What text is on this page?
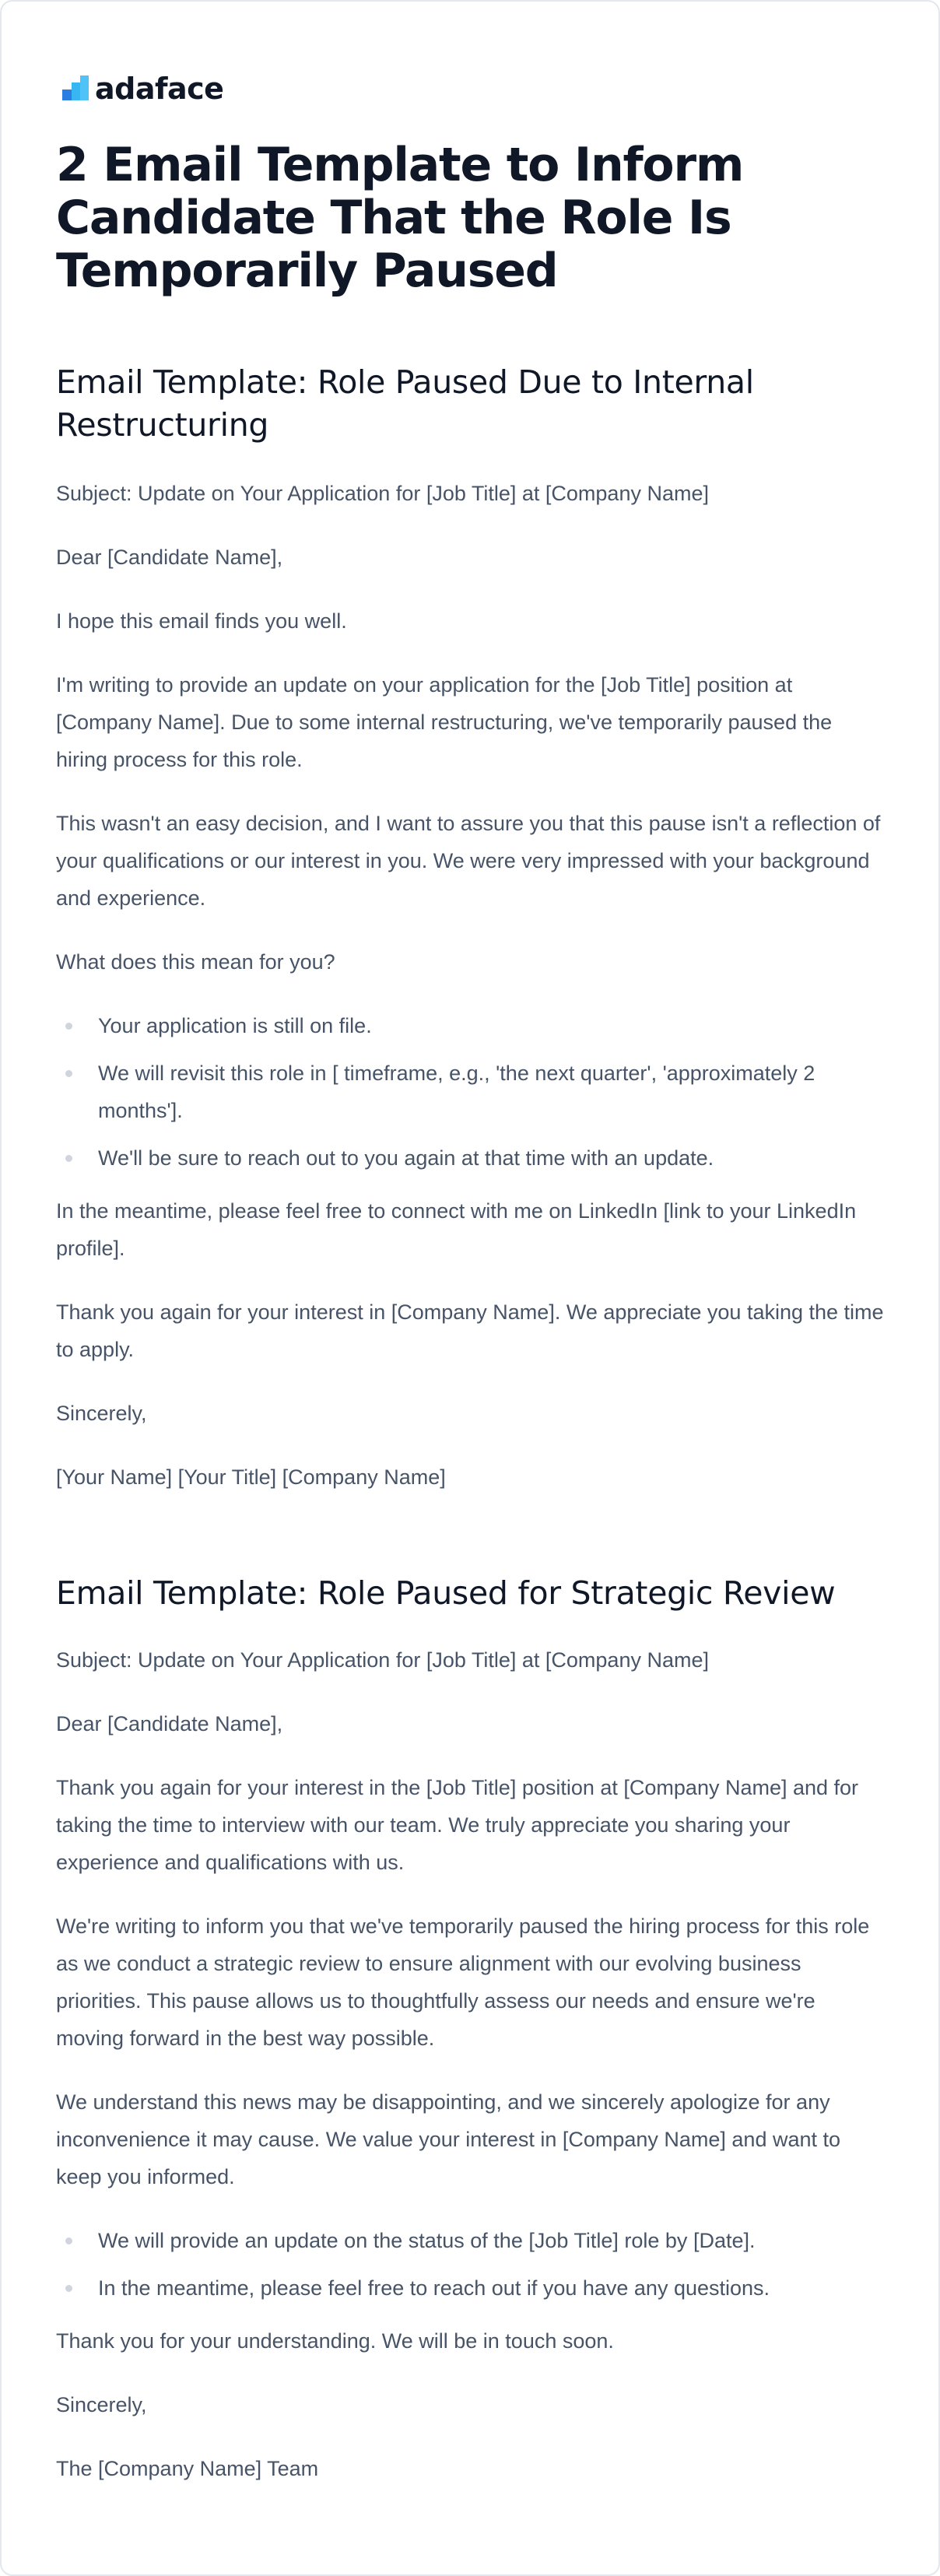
adaface
2 Email Template to Inform Candidate That the Role Is Temporarily Paused
Email Template: Role Paused Due to Internal Restructuring

Subject: Update on Your Application for [Job Title] at [Company Name]

Dear [Candidate Name],

I hope this email finds you well.

I'm writing to provide an update on your application for the [Job Title] position at [Company Name]. Due to some internal restructuring, we've temporarily paused the hiring process for this role.

This wasn't an easy decision, and I want to assure you that this pause isn't a reflection of your qualifications or our interest in you. We were very impressed with your background and experience.

What does this mean for you?

Your application is still on file.
We will revisit this role in [ timeframe, e.g., 'the next quarter', 'approximately 2 months'].
We'll be sure to reach out to you again at that time with an update.

In the meantime, please feel free to connect with me on LinkedIn [link to your LinkedIn profile].

Thank you again for your interest in [Company Name]. We appreciate you taking the time to apply.

Sincerely,

[Your Name] [Your Title] [Company Name]

Email Template: Role Paused for Strategic Review

Subject: Update on Your Application for [Job Title] at [Company Name]

Dear [Candidate Name],

Thank you again for your interest in the [Job Title] position at [Company Name] and for taking the time to interview with our team. We truly appreciate you sharing your experience and qualifications with us.

We're writing to inform you that we've temporarily paused the hiring process for this role as we conduct a strategic review to ensure alignment with our evolving business priorities. This pause allows us to thoughtfully assess our needs and ensure we're moving forward in the best way possible.

We understand this news may be disappointing, and we sincerely apologize for any inconvenience it may cause. We value your interest in [Company Name] and want to keep you informed.

We will provide an update on the status of the [Job Title] role by [Date].
In the meantime, please feel free to reach out if you have any questions.

Thank you for your understanding. We will be in touch soon.

Sincerely,

The [Company Name] Team
